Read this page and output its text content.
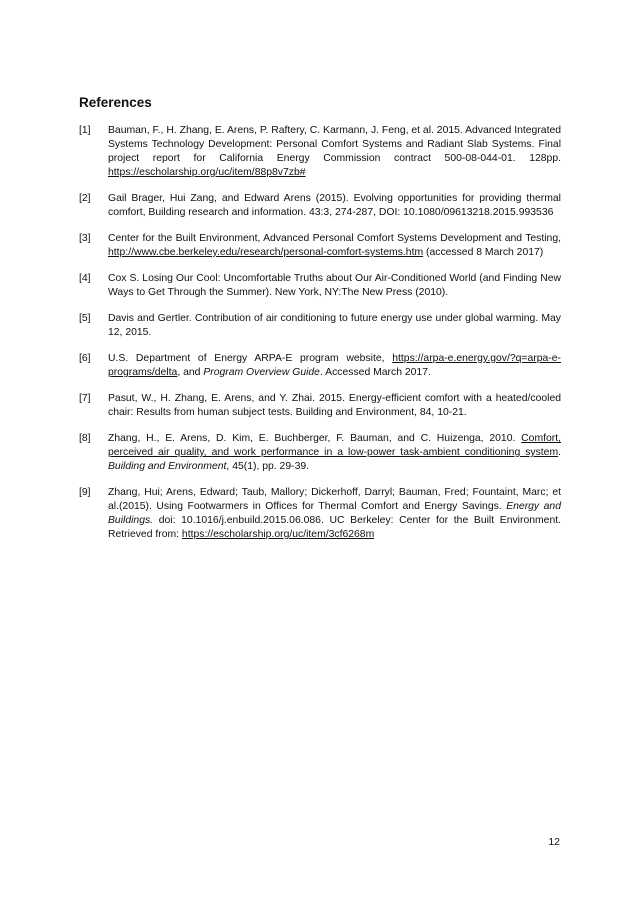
References
[1]	Bauman, F., H. Zhang, E. Arens, P. Raftery, C. Karmann, J. Feng, et al. 2015. Advanced Integrated Systems Technology Development: Personal Comfort Systems and Radiant Slab Systems. Final project report for California Energy Commission contract 500-08-044-01. 128pp. https://escholarship.org/uc/item/88p8v7zb#
[2]	Gail Brager, Hui Zang, and Edward Arens (2015). Evolving opportunities for providing thermal comfort, Building research and information. 43:3, 274-287, DOI: 10.1080/09613218.2015.993536
[3]	Center for the Built Environment, Advanced Personal Comfort Systems Development and Testing, http://www.cbe.berkeley.edu/research/personal-comfort-systems.htm (accessed 8 March 2017)
[4]	Cox S. Losing Our Cool: Uncomfortable Truths about Our Air-Conditioned World (and Finding New Ways to Get Through the Summer). New York, NY:The New Press (2010).
[5]	Davis and Gertler. Contribution of air conditioning to future energy use under global warming. May 12, 2015.
[6]	U.S. Department of Energy ARPA-E program website, https://arpa-e.energy.gov/?q=arpa-e-programs/delta, and Program Overview Guide. Accessed March 2017.
[7]	Pasut, W., H. Zhang, E. Arens, and Y. Zhai. 2015. Energy-efficient comfort with a heated/cooled chair: Results from human subject tests. Building and Environment, 84, 10-21.
[8]	Zhang, H., E. Arens, D. Kim, E. Buchberger, F. Bauman, and C. Huizenga, 2010. Comfort, perceived air quality, and work performance in a low-power task-ambient conditioning system. Building and Environment, 45(1), pp. 29-39.
[9]	Zhang, Hui; Arens, Edward; Taub, Mallory; Dickerhoff, Darryl; Bauman, Fred; Fountaint, Marc; et al.(2015). Using Footwarmers in Offices for Thermal Comfort and Energy Savings. Energy and Buildings. doi: 10.1016/j.enbuild.2015.06.086. UC Berkeley: Center for the Built Environment. Retrieved from: https://escholarship.org/uc/item/3cf6268m
12
